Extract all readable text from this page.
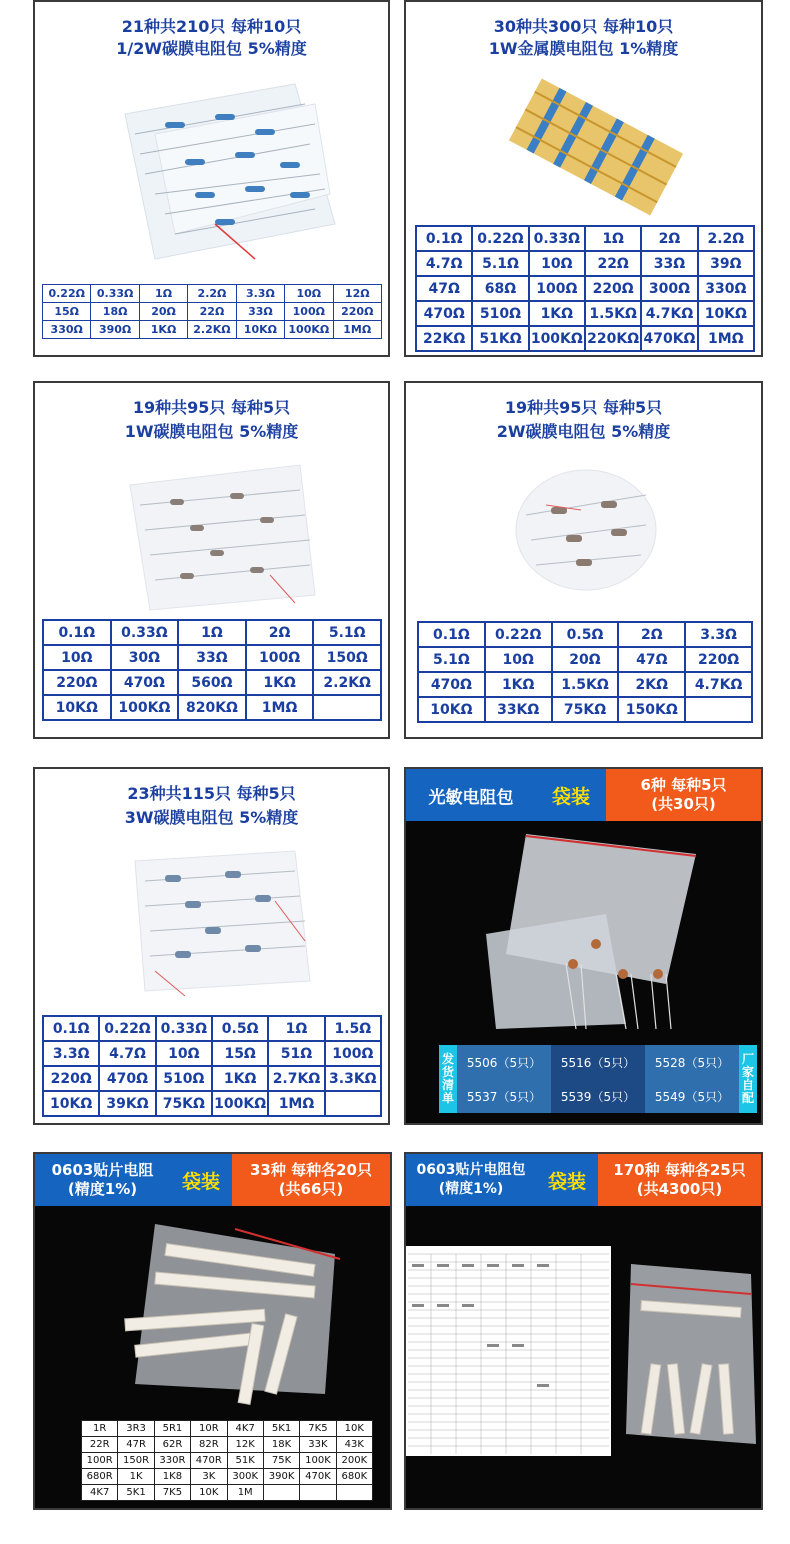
21种共210只 每种10只
1/2W碳膜电阻包 5%精度
0.22Ω	0.33Ω	1Ω	2.2Ω	3.3Ω	10Ω	12Ω
15Ω	18Ω	20Ω	22Ω	33Ω	100Ω	220Ω
330Ω	390Ω	1KΩ	2.2KΩ	10KΩ	100KΩ	1MΩ
30种共300只 每种10只
1W金属膜电阻包 1%精度
0.1Ω	0.22Ω	0.33Ω	1Ω	2Ω	2.2Ω
4.7Ω	5.1Ω	10Ω	22Ω	33Ω	39Ω
47Ω	68Ω	100Ω	220Ω	300Ω	330Ω
470Ω	510Ω	1KΩ	1.5KΩ	4.7KΩ	10KΩ
22KΩ	51KΩ	100KΩ	220KΩ	470KΩ	1MΩ
19种共95只 每种5只
1W碳膜电阻包 5%精度
0.1Ω	0.33Ω	1Ω	2Ω	5.1Ω
10Ω	30Ω	33Ω	100Ω	150Ω
220Ω	470Ω	560Ω	1KΩ	2.2KΩ
10KΩ	100KΩ	820KΩ	1MΩ	
19种共95只 每种5只
2W碳膜电阻包 5%精度
0.1Ω	0.22Ω	0.5Ω	2Ω	3.3Ω
5.1Ω	10Ω	20Ω	47Ω	220Ω
470Ω	1KΩ	1.5KΩ	2KΩ	4.7KΩ
10KΩ	33KΩ	75KΩ	150KΩ	
23种共115只 每种5只
3W碳膜电阻包 5%精度
0.1Ω	0.22Ω	0.33Ω	0.5Ω	1Ω	1.5Ω
3.3Ω	4.7Ω	10Ω	15Ω	51Ω	100Ω
220Ω	470Ω	510Ω	1KΩ	2.7KΩ	3.3KΩ
10KΩ	39KΩ	75KΩ	100KΩ	1MΩ	
光敏电阻包	袋装
6种 每种5只
(共30只)
发货清单
5506（5只）	5516（5只）	5528（5只）
5537（5只）	5539（5只）	5549（5只）
厂家自配
0603贴片电阻
(精度1%)	袋装
33种 每种各20只
(共66只)
1R	3R3	5R1	10R	4K7	5K1	7K5	10K
22R	47R	62R	82R	12K	18K	33K	43K
100R	150R	330R	470R	51K	75K	100K	200K
680R	1K	1K8	3K	300K	390K	470K	680K
4K7	5K1	7K5	10K	1M			
0603贴片电阻包
(精度1%)	袋装
170种 每种各25只
(共4300只)
